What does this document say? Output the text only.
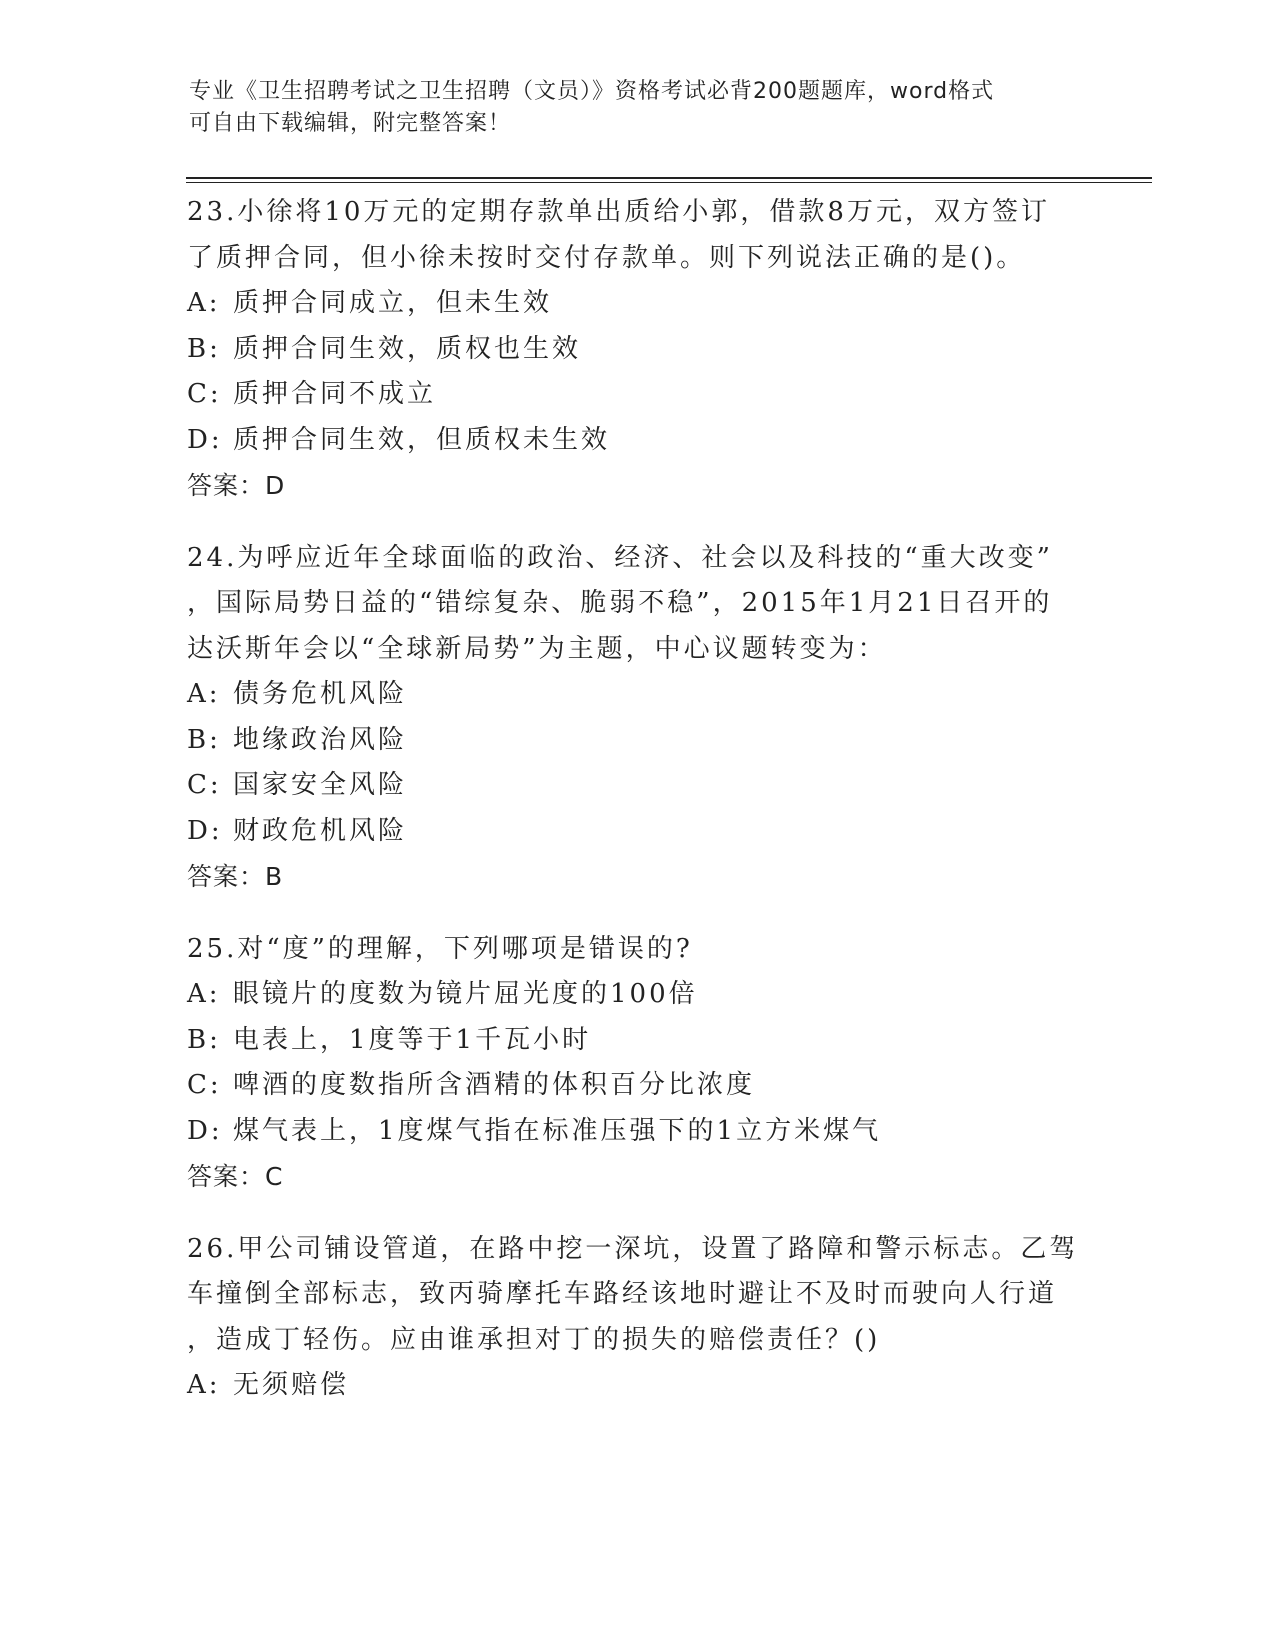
专业《卫生招聘考试之卫生招聘（文员）》资格考试必背200题题库，word格式
可自由下载编辑，附完整答案！
23.小徐将10万元的定期存款单出质给小郭，借款8万元，双方签订
了质押合同，但小徐未按时交付存款单。则下列说法正确的是()。
A: 质押合同成立，但未生效
B: 质押合同生效，质权也生效
C: 质押合同不成立
D: 质押合同生效，但质权未生效
答案：D
24.为呼应近年全球面临的政治、经济、社会以及科技的“重大改变”
，国际局势日益的“错综复杂、脆弱不稳”，2015年1月21日召开的
达沃斯年会以“全球新局势”为主题，中心议题转变为：
A: 债务危机风险
B: 地缘政治风险
C: 国家安全风险
D: 财政危机风险
答案：B
25.对“度”的理解，下列哪项是错误的?
A: 眼镜片的度数为镜片屈光度的100倍
B: 电表上，1度等于1千瓦小时
C: 啤酒的度数指所含酒精的体积百分比浓度
D: 煤气表上，1度煤气指在标准压强下的1立方米煤气
答案：C
26.甲公司铺设管道，在路中挖一深坑，设置了路障和警示标志。乙驾
车撞倒全部标志，致丙骑摩托车路经该地时避让不及时而驶向人行道
，造成丁轻伤。应由谁承担对丁的损失的赔偿责任？()
A: 无须赔偿
